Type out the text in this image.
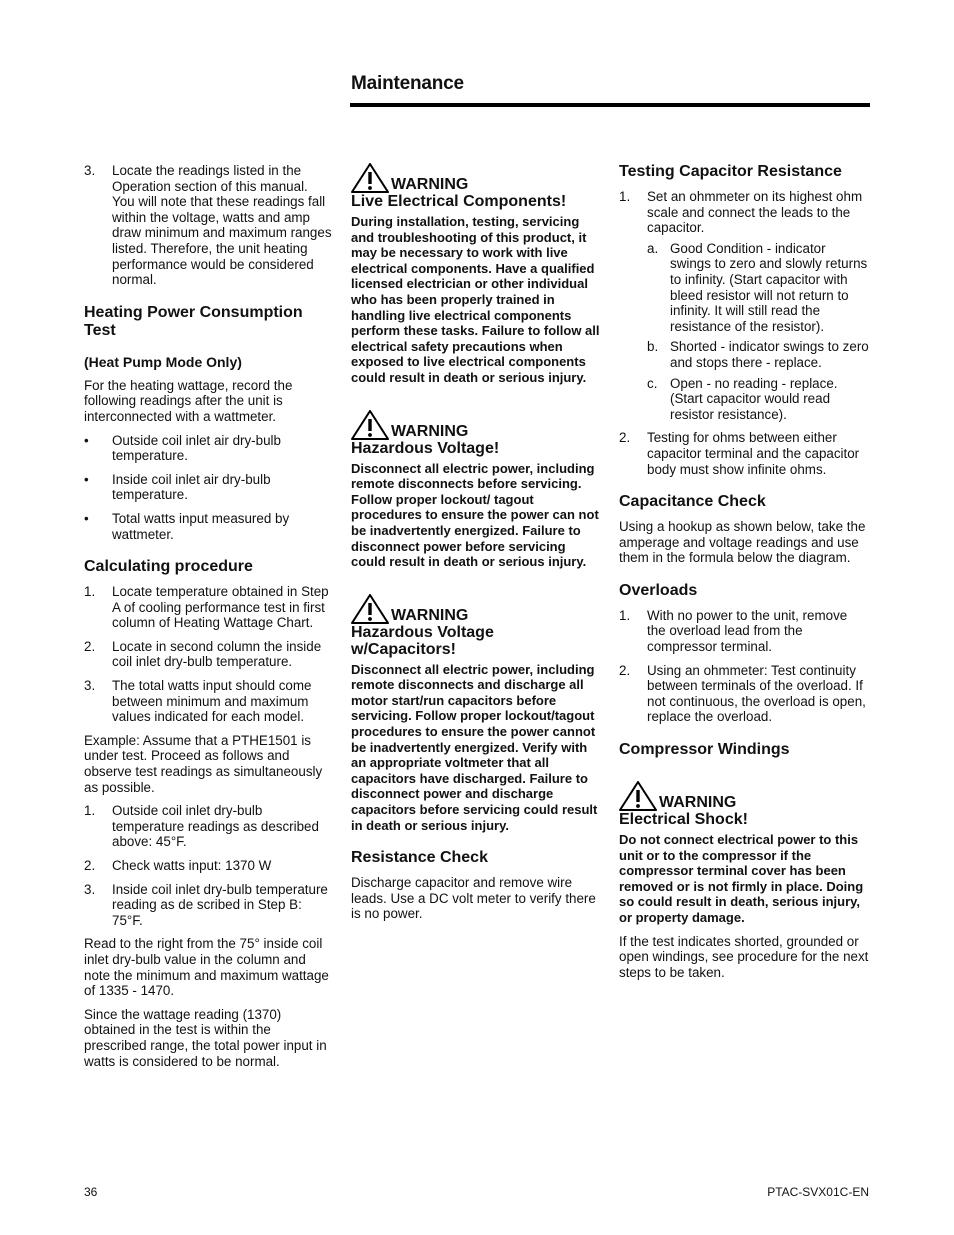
Maintenance
3.	Locate the readings listed in the Operation section of this manual. You will note that these readings fall within the voltage, watts and amp draw minimum and maximum ranges listed. Therefore, the unit heating performance would be considered normal.
Heating Power Consumption Test
(Heat Pump Mode Only)

For the heating wattage, record the following readings after the unit is interconnected with a wattmeter.

•	Outside coil inlet air dry-bulb temperature.
•	Inside coil inlet air dry-bulb temperature.
•	Total watts input measured by wattmeter.
Calculating procedure
1.	Locate temperature obtained in Step A of cooling performance test in first column of Heating Wattage Chart.
2.	Locate in second column the inside coil inlet dry-bulb temperature.
3.	The total watts input should come between minimum and maximum values indicated for each model.

Example: Assume that a PTHE1501 is under test. Proceed as follows and observe test readings as simultaneously as possible.

1.	Outside coil inlet dry-bulb temperature readings as described above: 45°F.
2.	Check watts input: 1370 W
3.	Inside coil inlet dry-bulb temperature reading as de scribed in Step B: 75°F.

Read to the right from the 75° inside coil inlet dry-bulb value in the column and note the minimum and maximum wattage of 1335 - 1470.

Since the wattage reading (1370) obtained in the test is within the prescribed range, the total power input in watts is considered to be normal.

WARNING
Live Electrical Components!
During installation, testing, servicing and troubleshooting of this product, it may be necessary to work with live electrical components. Have a qualified licensed electrician or other individual who has been properly trained in handling live electrical components perform these tasks. Failure to follow all electrical safety precautions when exposed to live electrical components could result in death or serious injury.
WARNING
Hazardous Voltage!
Disconnect all electric power, including remote disconnects before servicing. Follow proper lockout/ tagout procedures to ensure the power can not be inadvertently energized. Failure to disconnect power before servicing could result in death or serious injury.
WARNING
Hazardous Voltage w/Capacitors!
Disconnect all electric power, including remote disconnects and discharge all motor start/run capacitors before servicing. Follow proper lockout/tagout procedures to ensure the power cannot be inadvertently energized. Verify with an appropriate voltmeter that all capacitors have discharged. Failure to disconnect power and discharge capacitors before servicing could result in death or serious injury.
Resistance Check

Discharge capacitor and remove wire leads. Use a DC volt meter to verify there is no power.

Testing Capacitor Resistance
1.	Set an ohmmeter on its highest ohm scale and connect the leads to the capacitor.
a. Good Condition - indicator swings to zero and slowly returns to infinity. (Start capacitor with bleed resistor will not return to infinity. It will still read the resistance of the resistor).
b. Shorted - indicator swings to zero and stops there - replace.
c. Open - no reading - replace. (Start capacitor would read resistor resistance).
2.	Testing for ohms between either capacitor terminal and the capacitor body must show infinite ohms.
Capacitance Check

Using a hookup as shown below, take the amperage and voltage readings and use them in the formula below the diagram.

Overloads
1.	With no power to the unit, remove the overload lead from the compressor terminal.
2.	Using an ohmmeter: Test continuity between terminals of the overload. If not continuous, the overload is open, replace the overload.
Compressor Windings
WARNING
Electrical Shock!
Do not connect electrical power to this unit or to the compressor if the compressor terminal cover has been removed or is not firmly in place. Doing so could result in death, serious injury, or property damage.

If the test indicates shorted, grounded or open windings, see procedure for the next steps to be taken.

36	PTAC-SVX01C-EN
